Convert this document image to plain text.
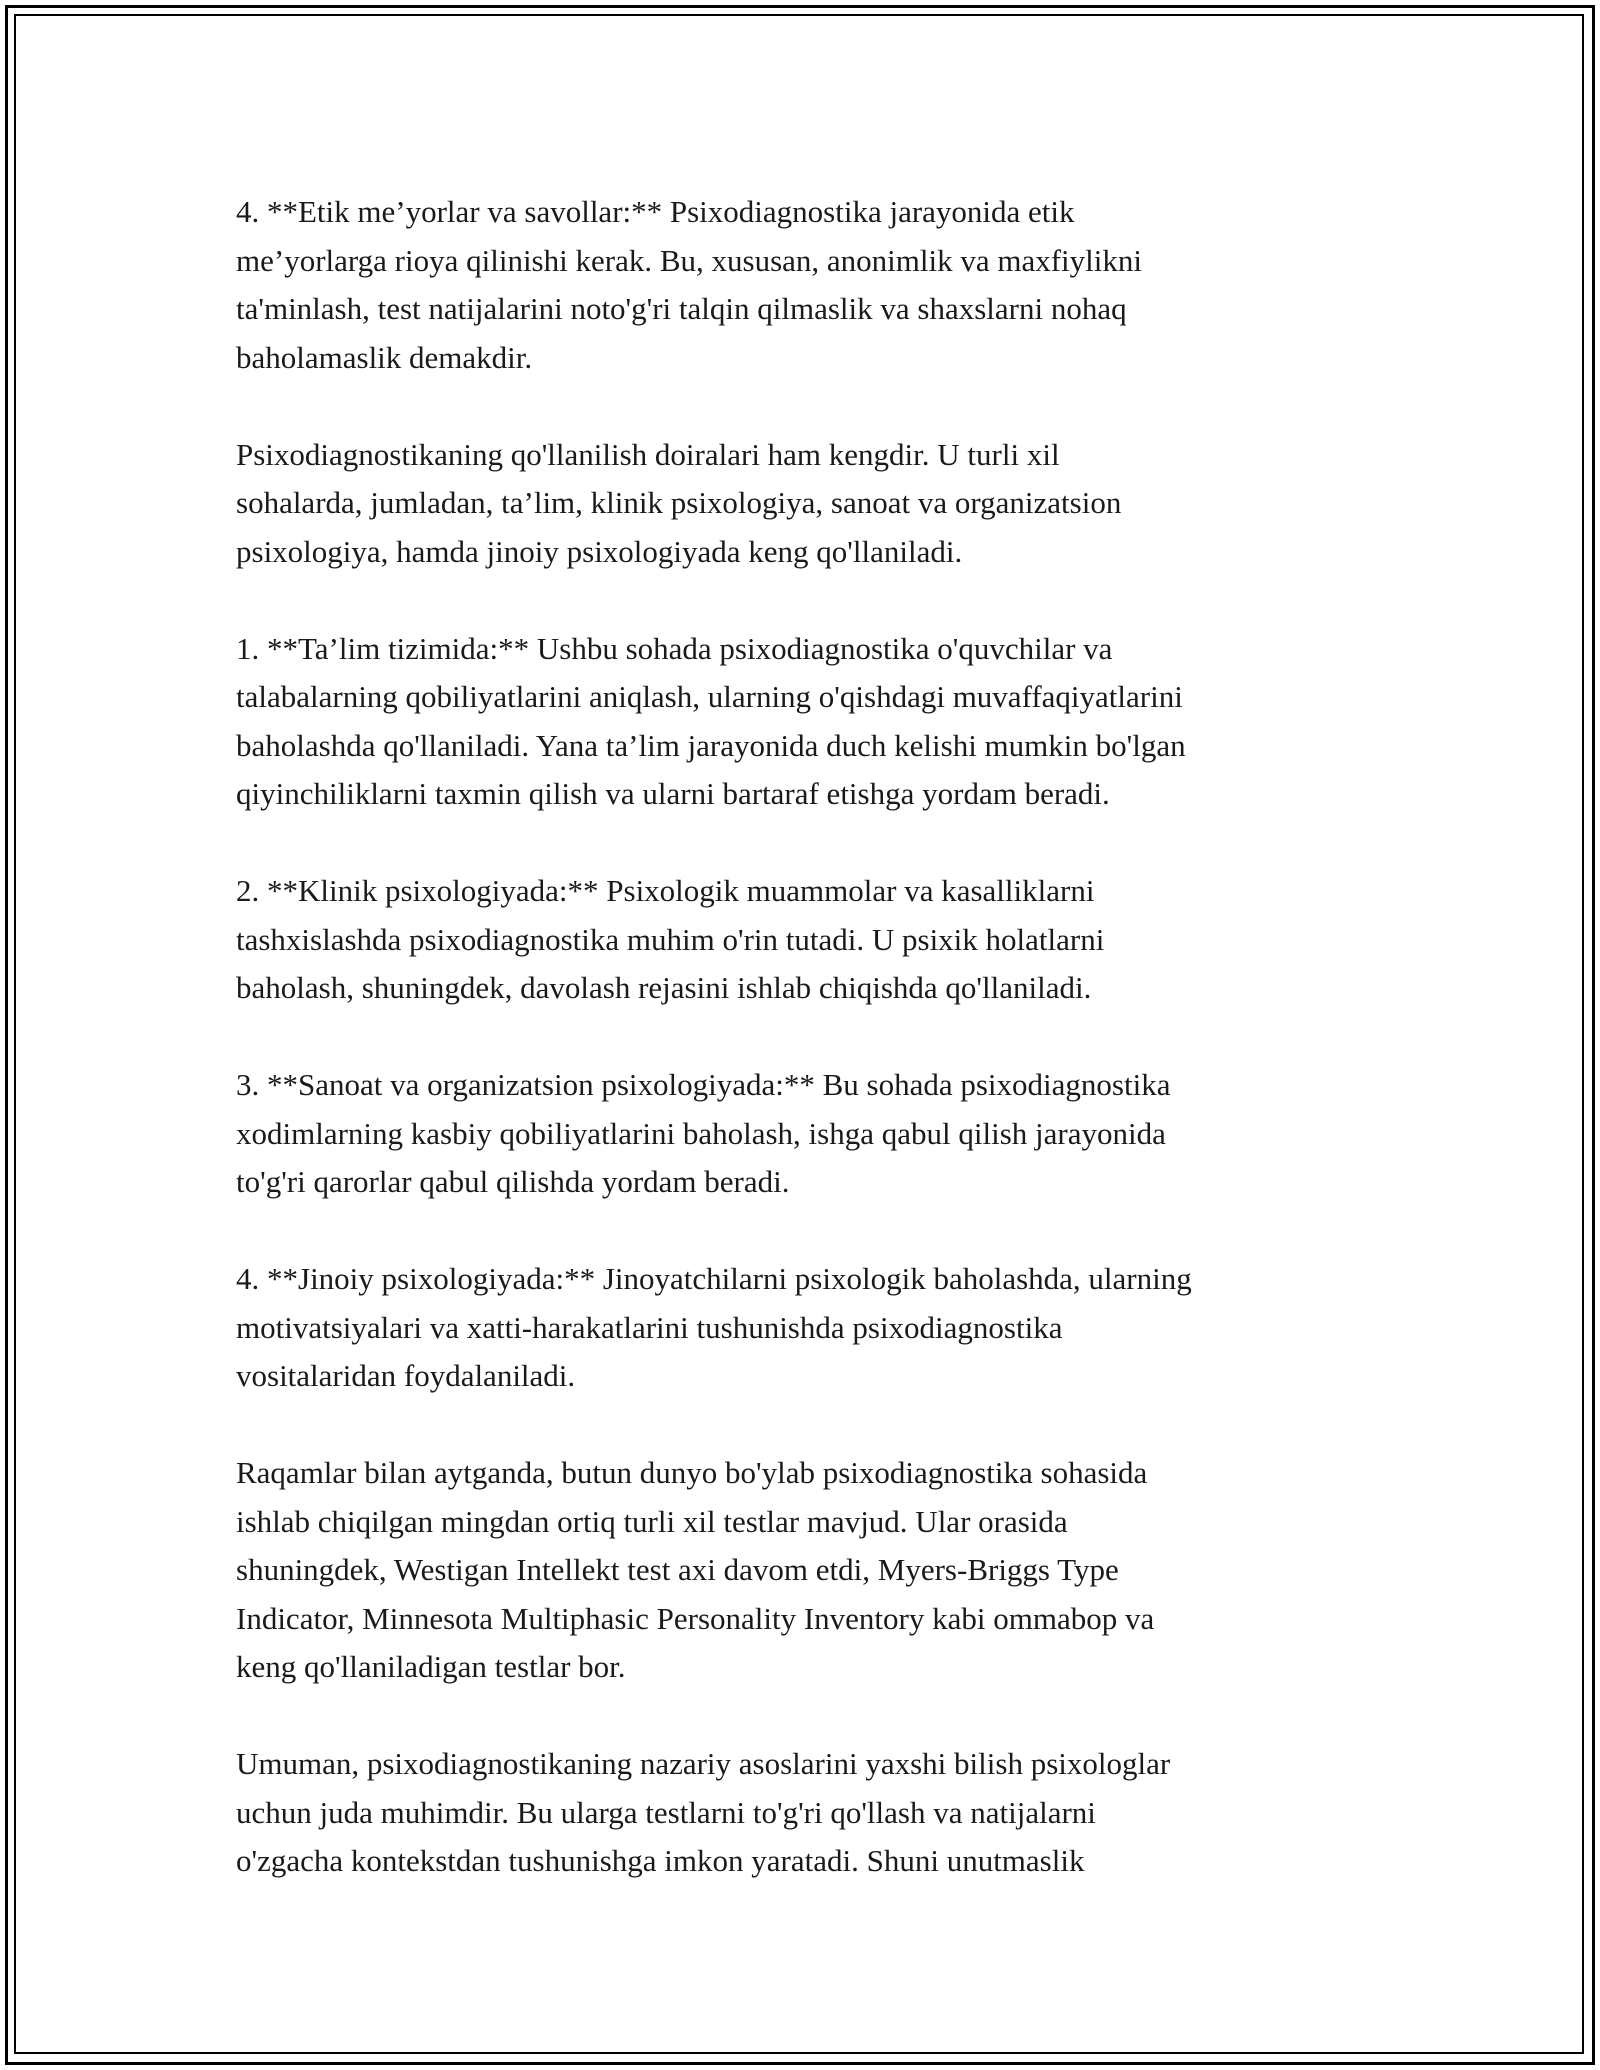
4. **Etik me’yorlar va savollar:** Psixodiagnostika jarayonida etik
me’yorlarga rioya qilinishi kerak. Bu, xususan, anonimlik va maxfiylikni
ta'minlash, test natijalarini noto'g'ri talqin qilmaslik va shaxslarni nohaq
baholamaslik demakdir.

Psixodiagnostikaning qo'llanilish doiralari ham kengdir. U turli xil
sohalarda, jumladan, ta’lim, klinik psixologiya, sanoat va organizatsion
psixologiya, hamda jinoiy psixologiyada keng qo'llaniladi.

1. **Ta’lim tizimida:** Ushbu sohada psixodiagnostika o'quvchilar va
talabalarning qobiliyatlarini aniqlash, ularning o'qishdagi muvaffaqiyatlarini
baholashda qo'llaniladi. Yana ta’lim jarayonida duch kelishi mumkin bo'lgan
qiyinchiliklarni taxmin qilish va ularni bartaraf etishga yordam beradi.

2. **Klinik psixologiyada:** Psixologik muammolar va kasalliklarni
tashxislashda psixodiagnostika muhim o'rin tutadi. U psixik holatlarni
baholash, shuningdek, davolash rejasini ishlab chiqishda qo'llaniladi.

3. **Sanoat va organizatsion psixologiyada:** Bu sohada psixodiagnostika
xodimlarning kasbiy qobiliyatlarini baholash, ishga qabul qilish jarayonida
to'g'ri qarorlar qabul qilishda yordam beradi.

4. **Jinoiy psixologiyada:** Jinoyatchilarni psixologik baholashda, ularning
motivatsiyalari va xatti-harakatlarini tushunishda psixodiagnostika
vositalaridan foydalaniladi.

Raqamlar bilan aytganda, butun dunyo bo'ylab psixodiagnostika sohasida
ishlab chiqilgan mingdan ortiq turli xil testlar mavjud. Ular orasida
shuningdek, Westigan Intellekt test axi davom etdi, Myers-Briggs Type
Indicator, Minnesota Multiphasic Personality Inventory kabi ommabop va
keng qo'llaniladigan testlar bor.

Umuman, psixodiagnostikaning nazariy asoslarini yaxshi bilish psixologlar
uchun juda muhimdir. Bu ularga testlarni to'g'ri qo'llash va natijalarni
o'zgacha kontekstdan tushunishga imkon yaratadi. Shuni unutmaslik
